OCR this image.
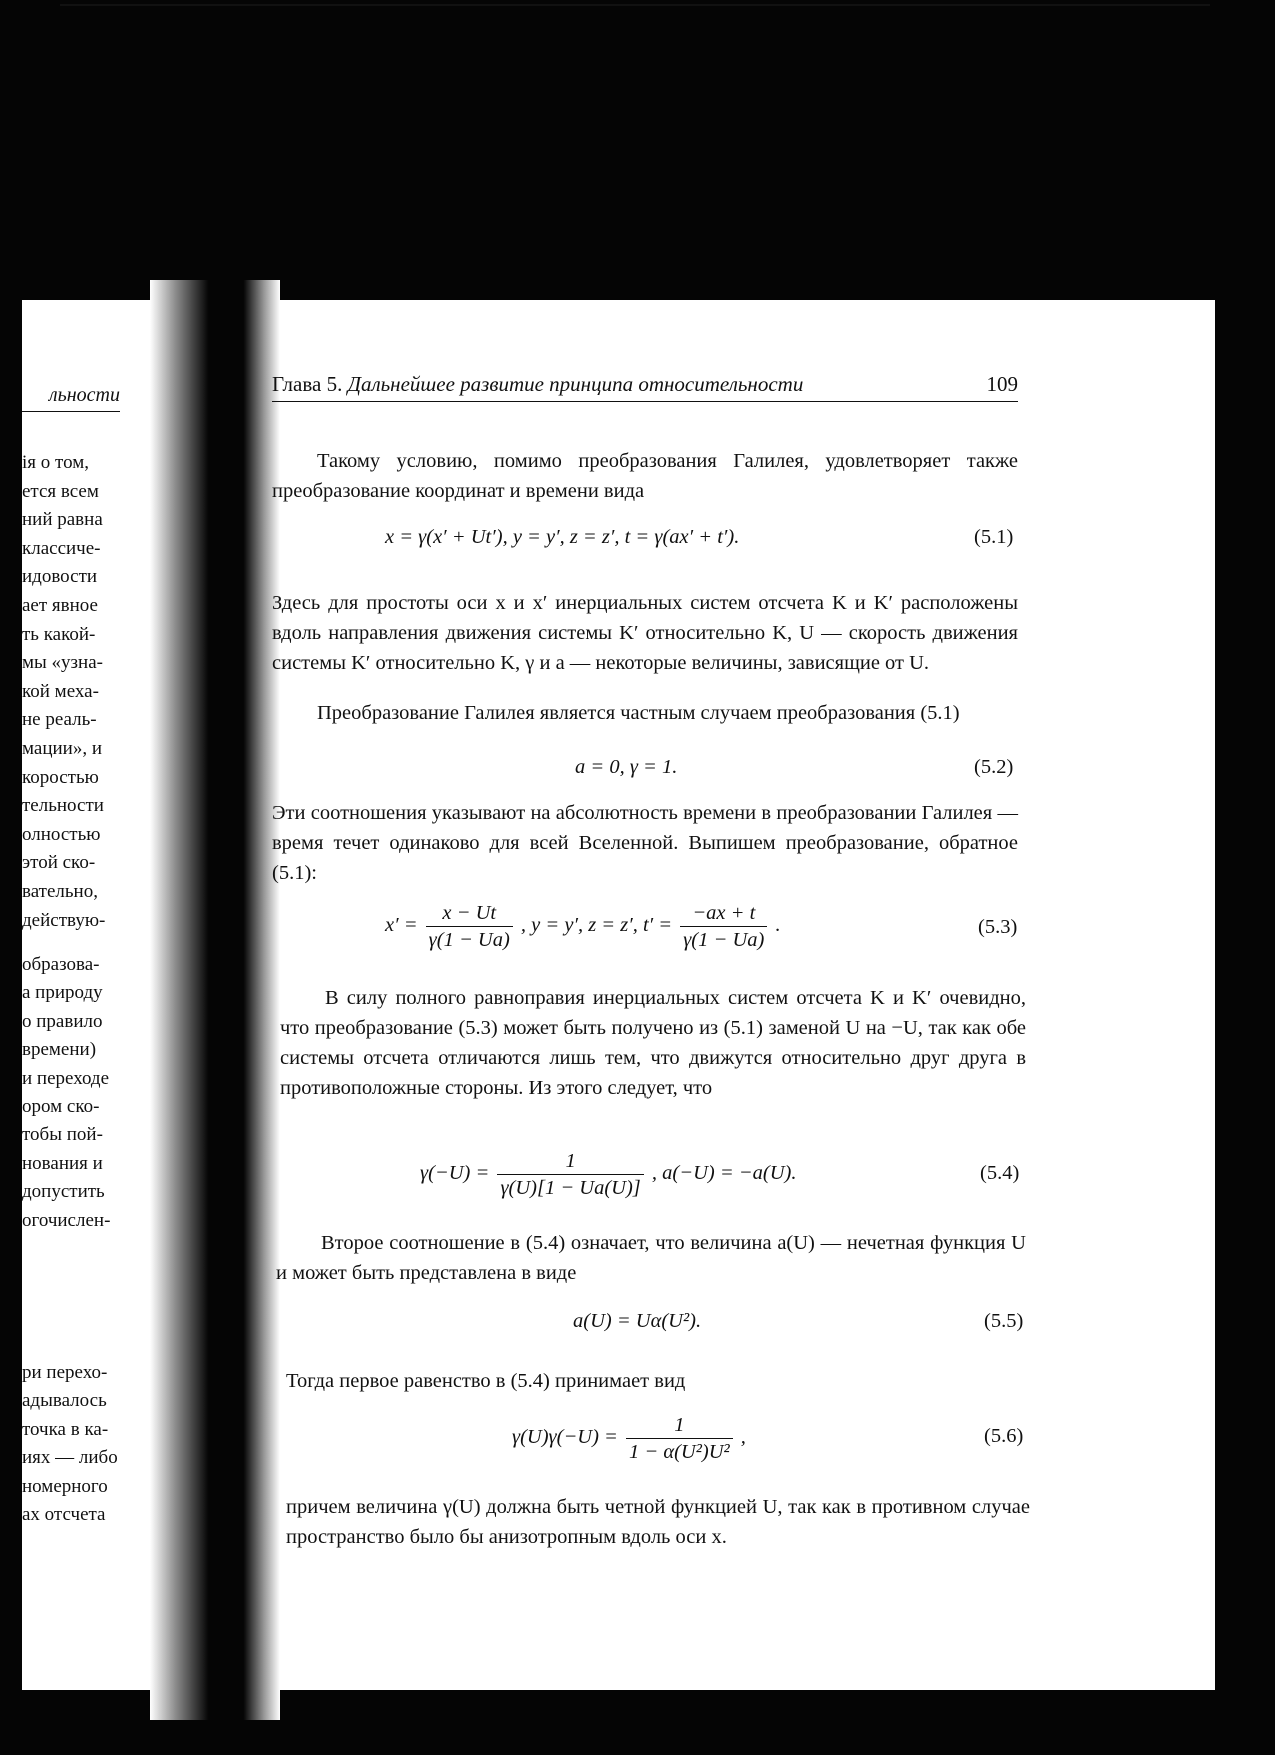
льности
ія о том,
ется всем
ний равна
классиче-
идовости
ает явное
ть какой-
мы «узна-
кой меха-
не реаль-
мации», и
коростью
тельности
олностью
этой ско-
вательно,
действую-
образова-
а природу
о правило
времени)
и переходе
ором ско-
тобы пой-
нования и
допустить
огочислен-
ри перехо-
адывалось
точка в ка-
иях — либо
номерного
ах отсчета
Глава 5. Дальнейшее развитие принципа относительности	109
Такому условию, помимо преобразования Галилея, удовлетворяет также преобразование координат и времени вида
x = γ(x′ + Ut′), y = y′, z = z′, t = γ(ax′ + t′).	(5.1)
Здесь для простоты оси x и x′ инерциальных систем отсчета K и K′ расположены вдоль направления движения системы K′ относительно K, U — скорость движения системы K′ относительно K, γ и a — некоторые величины, зависящие от U.
Преобразование Галилея является частным случаем преобразования (5.1)
a = 0, γ = 1.	(5.2)
Эти соотношения указывают на абсолютность времени в преобразовании Галилея — время течет одинаково для всей Вселенной. Выпишем преобразование, обратное (5.1):
$x' = \frac{x - Ut}{\gamma(1 - Ua)}$ , y = y′, z = z′, $t' = \frac{-ax + t}{\gamma(1 - Ua)}$ .	(5.3)
В силу полного равноправия инерциальных систем отсчета K и K′ очевидно, что преобразование (5.3) может быть получено из (5.1) заменой U на −U, так как обе системы отсчета отличаются лишь тем, что движутся относительно друг друга в противоположные стороны. Из этого следует, что
$\gamma(-U) = \frac{1}{\gamma(U)[1 - Ua(U)]}$ , a(−U) = −a(U).	(5.4)
Второе соотношение в (5.4) означает, что величина a(U) — нечетная функция U и может быть представлена в виде
a(U) = Uα(U²).	(5.5)
Тогда первое равенство в (5.4) принимает вид
$\gamma(U)\gamma(-U) = \frac{1}{\text{1 − α(U²)U²}}$ ,	(5.6)
причем величина γ(U) должна быть четной функцией U, так как в противном случае пространство было бы анизотропным вдоль оси x.
